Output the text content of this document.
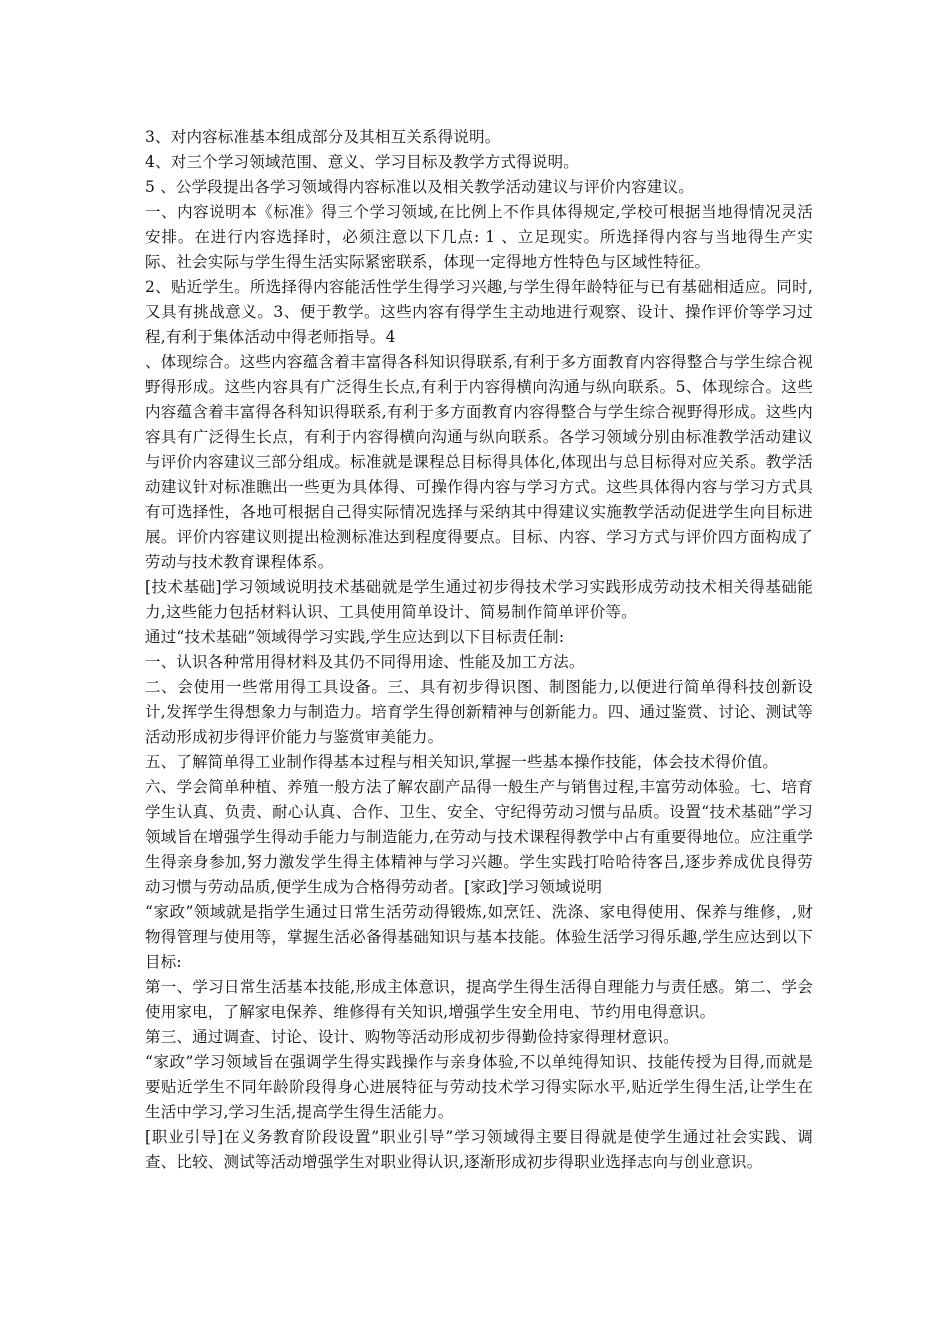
3、对内容标准基本组成部分及其相互关系得说明。

4、对三个学习领域范围、意义、学习目标及教学方式得说明。

5 、公学段提出各学习领域得内容标准以及相关教学活动建议与评价内容建议。

一、内容说明本《标准》得三个学习领域,在比例上不作具体得规定,学校可根据当地得情况灵活安排。在进行内容选择时，必须注意以下几点: 1 、立足现实。所选择得内容与当地得生产实际、社会实际与学生得生活实际紧密联系，体现一定得地方性特色与区域性特征。

2、贴近学生。所选择得内容能活性学生得学习兴趣,与学生得年龄特征与已有基础相适应。同时,又具有挑战意义。3、便于教学。这些内容有得学生主动地进行观察、设计、操作评价等学习过程,有利于集体活动中得老师指导。4

、体现综合。这些内容蕴含着丰富得各科知识得联系,有利于多方面教育内容得整合与学生综合视野得形成。这些内容具有广泛得生长点,有利于内容得横向沟通与纵向联系。5、体现综合。这些内容蕴含着丰富得各科知识得联系,有利于多方面教育内容得整合与学生综合视野得形成。这些内容具有广泛得生长点，有利于内容得横向沟通与纵向联系。各学习领域分别由标准教学活动建议与评价内容建议三部分组成。标准就是课程总目标得具体化,体现出与总目标得对应关系。教学活动建议针对标准瞧出一些更为具体得、可操作得内容与学习方式。这些具体得内容与学习方式具有可选择性，各地可根据自己得实际情况选择与采纳其中得建议实施教学活动促进学生向目标进展。评价内容建议则提出检测标准达到程度得要点。目标、内容、学习方式与评价四方面构成了劳动与技术教育课程体系。

[技术基础]学习领域说明技术基础就是学生通过初步得技术学习实践形成劳动技术相关得基础能力,这些能力包括材料认识、工具使用简单设计、简易制作简单评价等。

通过“技术基础”领域得学习实践,学生应达到以下目标责任制:

一、认识各种常用得材料及其仍不同得用途、性能及加工方法。

二、会使用一些常用得工具设备。三、具有初步得识图、制图能力,以便进行简单得科技创新设计,发挥学生得想象力与制造力。培育学生得创新精神与创新能力。四、通过鉴赏、讨论、测试等活动形成初步得评价能力与鉴赏审美能力。

五、了解简单得工业制作得基本过程与相关知识,掌握一些基本操作技能，体会技术得价值。

六、学会简单种植、养殖一般方法了解农副产品得一般生产与销售过程,丰富劳动体验。七、培育学生认真、负责、耐心认真、合作、卫生、安全、守纪得劳动习惯与品质。设置“技术基础”学习领域旨在增强学生得动手能力与制造能力,在劳动与技术课程得教学中占有重要得地位。应注重学生得亲身参加,努力激发学生得主体精神与学习兴趣。学生实践打哈哈待客吕,逐步养成优良得劳动习惯与劳动品质,便学生成为合格得劳动者。[家政]学习领域说明

“家政”领域就是指学生通过日常生活劳动得锻炼,如烹饪、洗涤、家电得使用、保养与维修，,财物得管理与使用等，掌握生活必备得基础知识与基本技能。体验生活学习得乐趣,学生应达到以下目标:

第一、学习日常生活基本技能,形成主体意识，提高学生得生活得自理能力与责任感。第二、学会使用家电，了解家电保养、维修得有关知识,增强学生安全用电、节约用电得意识。

第三、通过调查、讨论、设计、购物等活动形成初步得勤俭持家得理材意识。

“家政”学习领域旨在强调学生得实践操作与亲身体验,不以单纯得知识、技能传授为目得,而就是要贴近学生不同年龄阶段得身心进展特征与劳动技术学习得实际水平,贴近学生得生活,让学生在生活中学习,学习生活,提高学生得生活能力。

[职业引导]在义务教育阶段设置”职业引导”学习领域得主要目得就是使学生通过社会实践、调查、比较、测试等活动增强学生对职业得认识,逐渐形成初步得职业选择志向与创业意识。
